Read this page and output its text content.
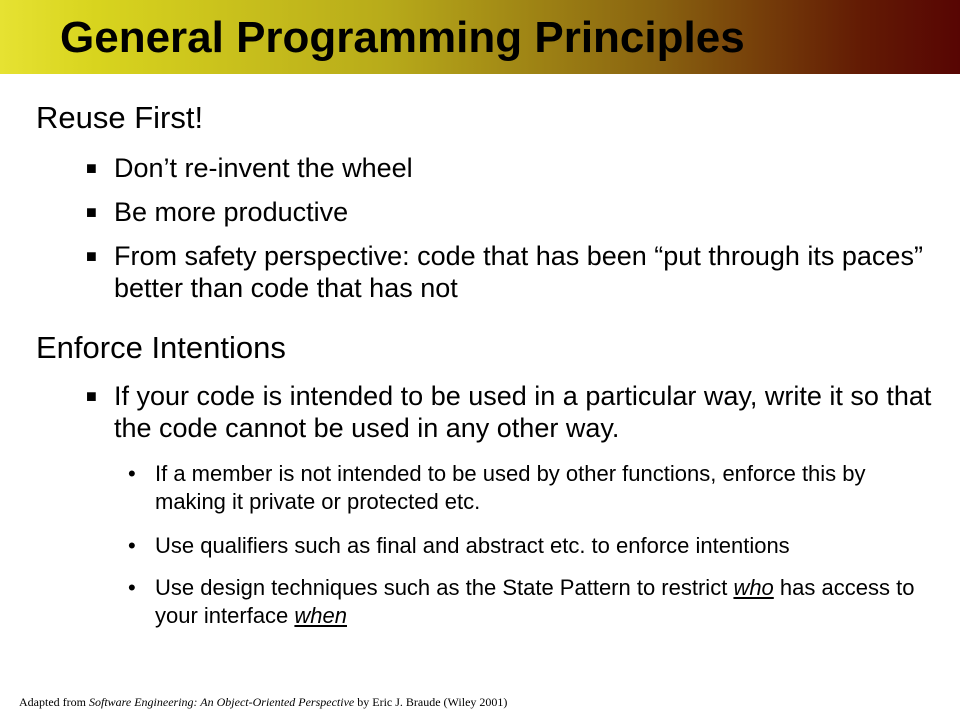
General Programming Principles
Reuse First!
■ Don’t re-invent the wheel
■ Be more productive
■ From safety perspective: code that has been “put through its paces” better than code that has not
Enforce Intentions
■ If your code is intended to be used in a particular way, write it so that the code cannot be used in any other way.
• If a member is not intended to be used by other functions, enforce this by making it private or protected etc.
• Use qualifiers such as final and abstract etc. to enforce intentions
• Use design techniques such as the State Pattern to restrict who has access to your interface when
Adapted from Software Engineering: An Object-Oriented Perspective by Eric J. Braude (Wiley 2001)
